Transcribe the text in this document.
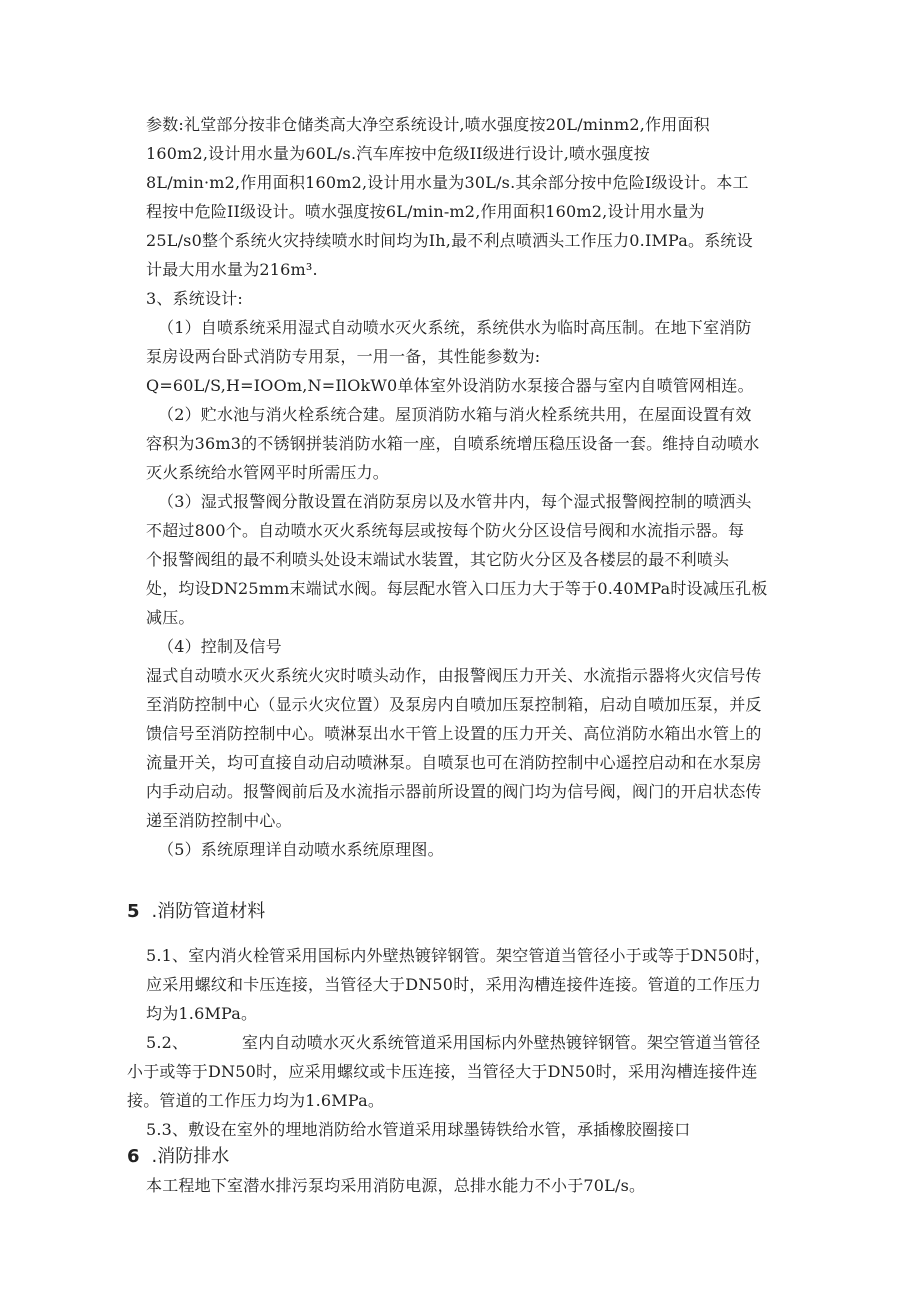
参数:礼堂部分按非仓储类高大净空系统设计,喷水强度按20L/minm2,作用面积
160m2,设计用水量为60L/s.汽车库按中危级II级进行设计,喷水强度按
8L/min·m2,作用面积160m2,设计用水量为30L/s.其余部分按中危险I级设计。本工
程按中危险II级设计。喷水强度按6L/min-m2,作用面积160m2,设计用水量为
25L/s0整个系统火灾持续喷水时间均为Ih,最不利点喷洒头工作压力0.IMPa。系统设
计最大用水量为216m³.
3、系统设计:
（1）自喷系统采用湿式自动喷水灭火系统，系统供水为临时高压制。在地下室消防
泵房设两台卧式消防专用泵，一用一备，其性能参数为:
Q=60L/S,H=IOOm,N=IlOkW0单体室外设消防水泵接合器与室内自喷管网相连。
（2）贮水池与消火栓系统合建。屋顶消防水箱与消火栓系统共用，在屋面设置有效
容积为36m3的不锈钢拼装消防水箱一座，自喷系统增压稳压设备一套。维持自动喷水
灭火系统给水管网平时所需压力。
（3）湿式报警阀分散设置在消防泵房以及水管井内，每个湿式报警阀控制的喷洒头
不超过800个。自动喷水灭火系统每层或按每个防火分区设信号阀和水流指示器。每
个报警阀组的最不利喷头处设末端试水装置，其它防火分区及各楼层的最不利喷头
处，均设DN25mm末端试水阀。每层配水管入口压力大于等于0.40MPa时设减压孔板
减压。
（4）控制及信号
湿式自动喷水灭火系统火灾时喷头动作，由报警阀压力开关、水流指示器将火灾信号传
至消防控制中心（显示火灾位置）及泵房内自喷加压泵控制箱，启动自喷加压泵，并反
馈信号至消防控制中心。喷淋泵出水干管上设置的压力开关、高位消防水箱出水管上的
流量开关，均可直接自动启动喷淋泵。自喷泵也可在消防控制中心遥控启动和在水泵房
内手动启动。报警阀前后及水流指示器前所设置的阀门均为信号阀，阀门的开启状态传
递至消防控制中心。
（5）系统原理详自动喷水系统原理图。
5 .消防管道材料
5.1、室内消火栓管采用国标内外壁热镀锌钢管。架空管道当管径小于或等于DN50时，
应采用螺纹和卡压连接，当管径大于DN50时，采用沟槽连接件连接。管道的工作压力
均为1.6MPa。
5.2、	室内自动喷水灭火系统管道采用国标内外壁热镀锌钢管。架空管道当管径
小于或等于DN50时，应采用螺纹或卡压连接，当管径大于DN50时，采用沟槽连接件连
接。管道的工作压力均为1.6MPa。
5.3、敷设在室外的埋地消防给水管道采用球墨铸铁给水管，承插橡胶圈接口
6 .消防排水
本工程地下室潜水排污泵均采用消防电源，总排水能力不小于70L/s。
